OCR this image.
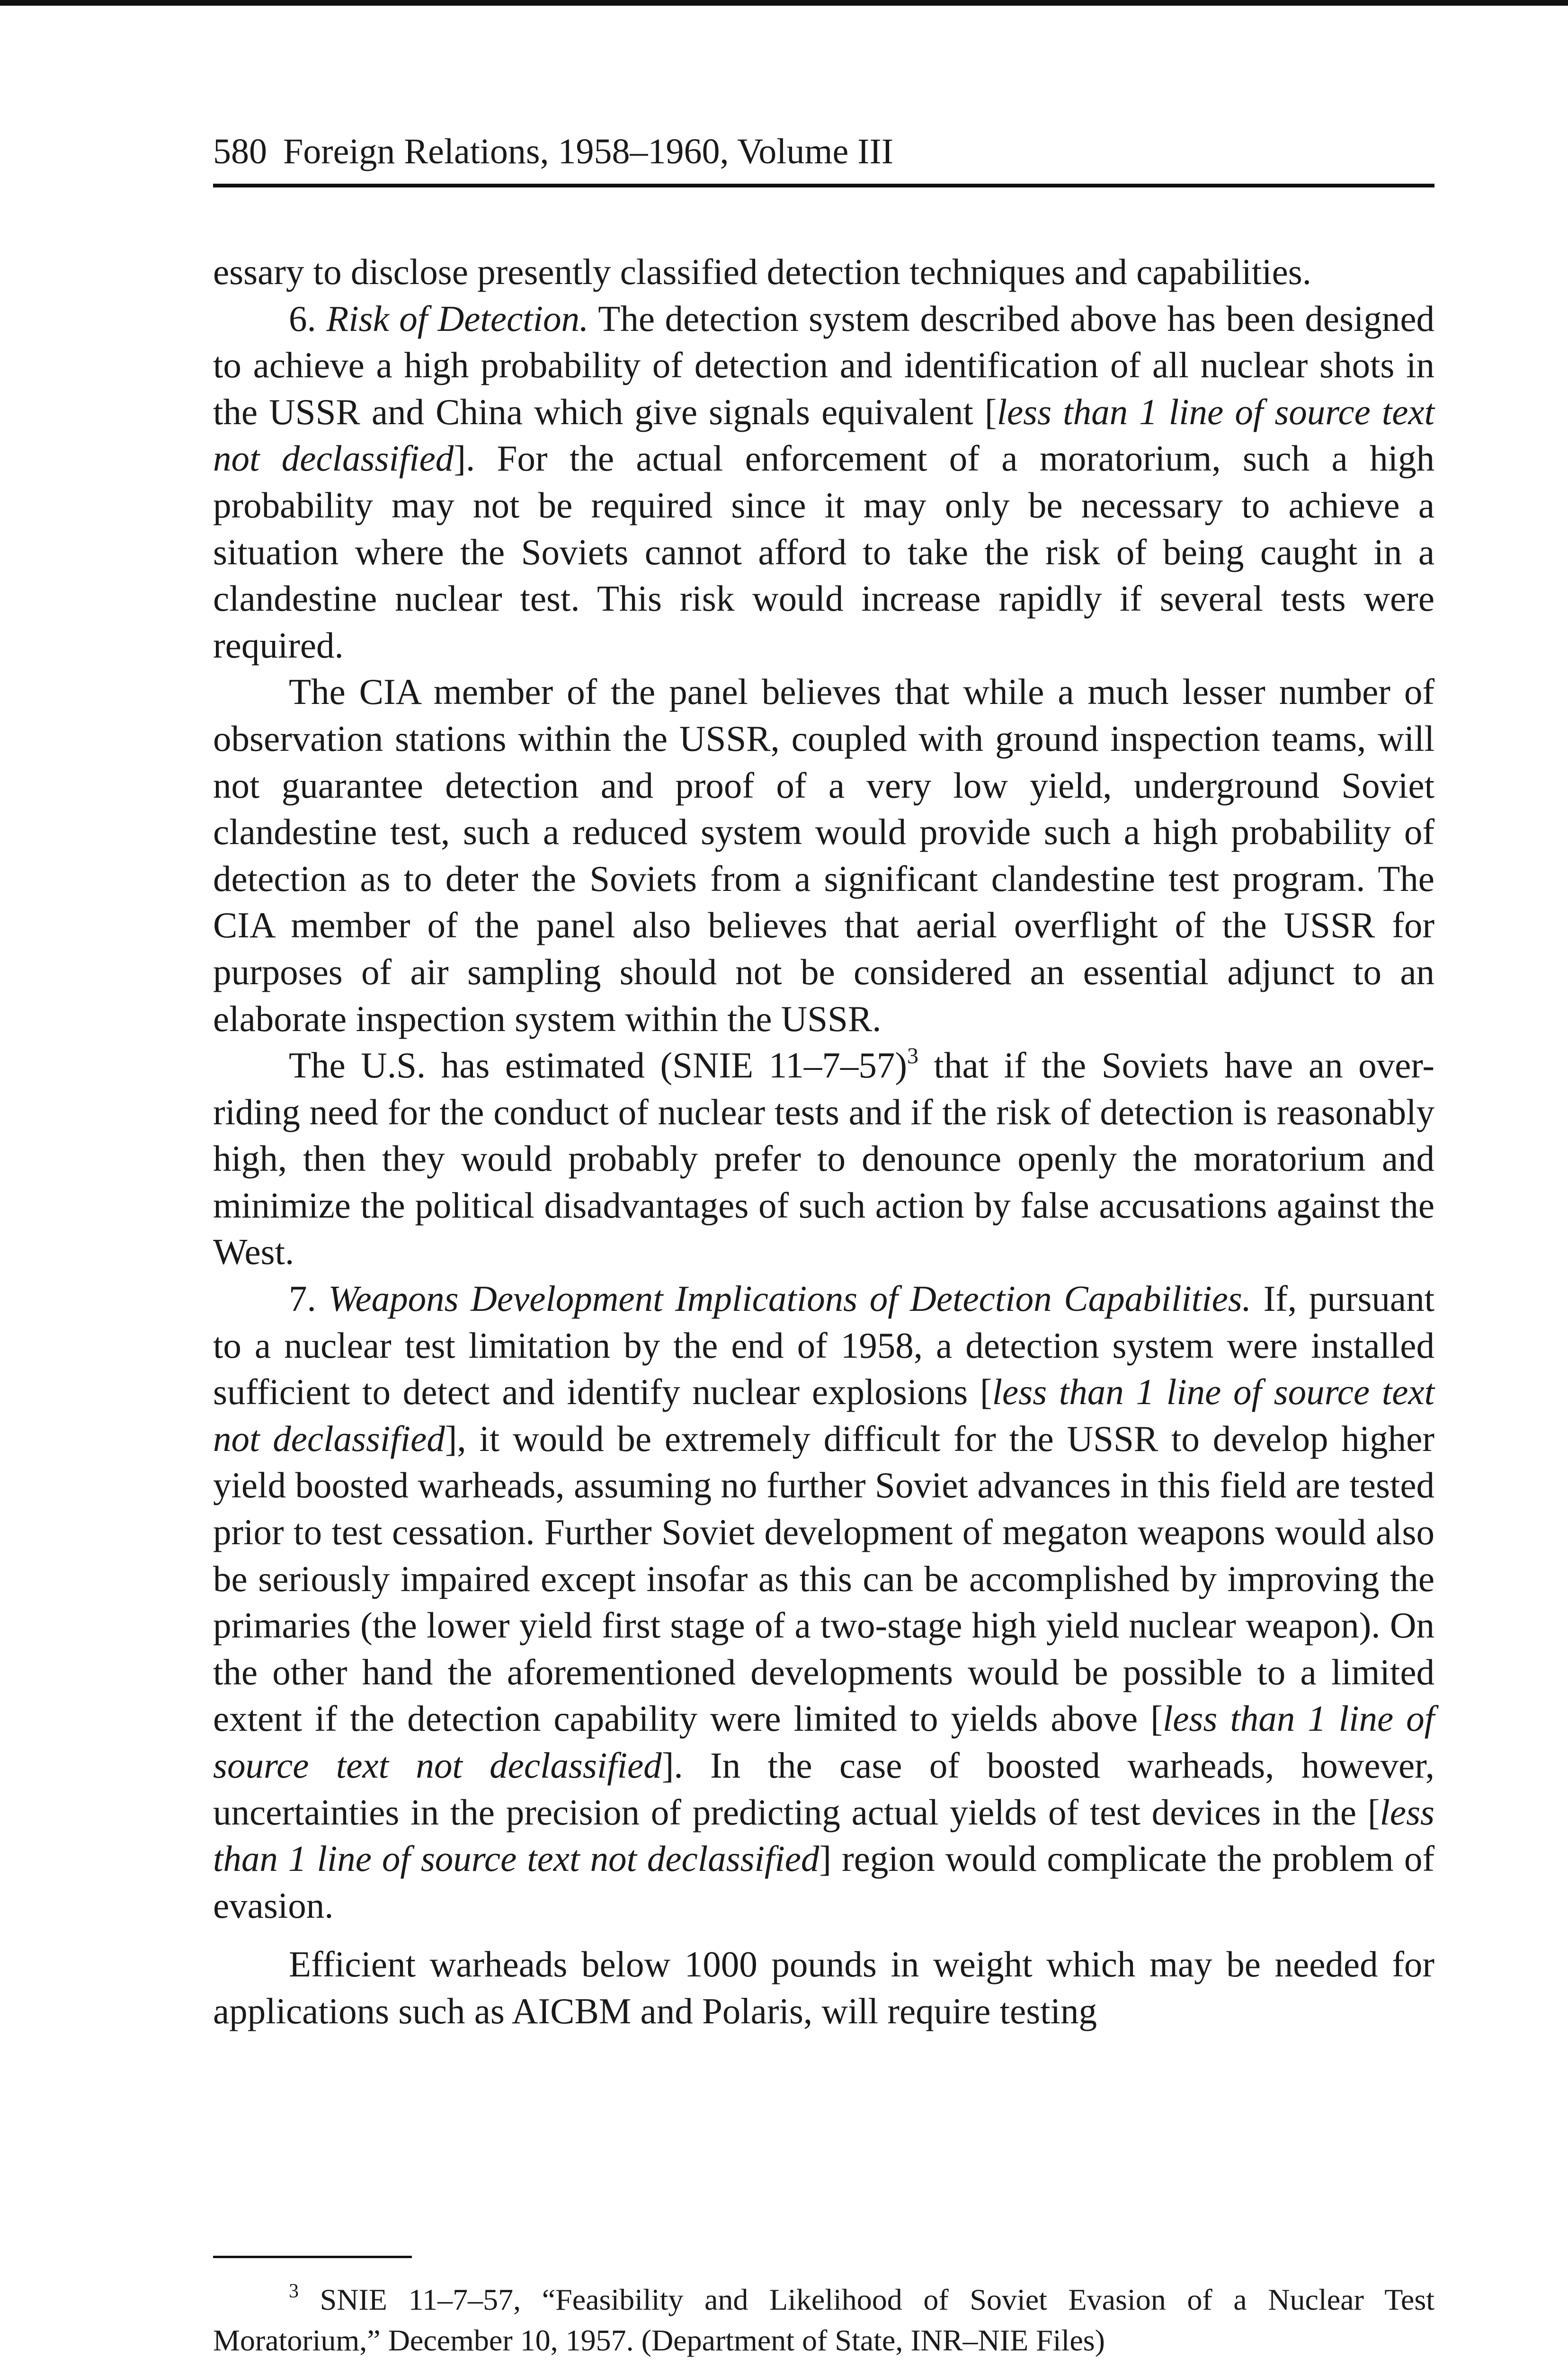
580 Foreign Relations, 1958–1960, Volume III

essary to disclose presently classified detection techniques and capabilities.

6. Risk of Detection. The detection system described above has been designed to achieve a high probability of detection and identification of all nuclear shots in the USSR and China which give signals equivalent [less than 1 line of source text not declassified]. For the actual enforcement of a moratorium, such a high probability may not be required since it may only be necessary to achieve a situation where the Soviets cannot afford to take the risk of being caught in a clandestine nuclear test. This risk would increase rapidly if several tests were required.

The CIA member of the panel believes that while a much lesser number of observation stations within the USSR, coupled with ground inspection teams, will not guarantee detection and proof of a very low yield, underground Soviet clandestine test, such a reduced system would provide such a high probability of detection as to deter the Soviets from a significant clandestine test program. The CIA member of the panel also believes that aerial overflight of the USSR for purposes of air sampling should not be considered an essential adjunct to an elaborate inspection system within the USSR.

The U.S. has estimated (SNIE 11–7–57)$^3$ that if the Soviets have an over-riding need for the conduct of nuclear tests and if the risk of detection is reasonably high, then they would probably prefer to denounce openly the moratorium and minimize the political disadvantages of such action by false accusations against the West.

7. Weapons Development Implications of Detection Capabilities. If, pursuant to a nuclear test limitation by the end of 1958, a detection system were installed sufficient to detect and identify nuclear explosions [less than 1 line of source text not declassified], it would be extremely difficult for the USSR to develop higher yield boosted warheads, assuming no further Soviet advances in this field are tested prior to test cessation. Further Soviet development of megaton weapons would also be seriously impaired except insofar as this can be accomplished by improving the primaries (the lower yield first stage of a two-stage high yield nuclear weapon). On the other hand the aforementioned developments would be possible to a limited extent if the detection capability were limited to yields above [less than 1 line of source text not declassified]. In the case of boosted warheads, however, uncertainties in the precision of predicting actual yields of test devices in the [less than 1 line of source text not declassified] region would complicate the problem of evasion.

Efficient warheads below 1000 pounds in weight which may be needed for applications such as AICBM and Polaris, will require testing

$^3$ SNIE 11–7–57, “Feasibility and Likelihood of Soviet Evasion of a Nuclear Test Moratorium,” December 10, 1957. (Department of State, INR–NIE Files)
